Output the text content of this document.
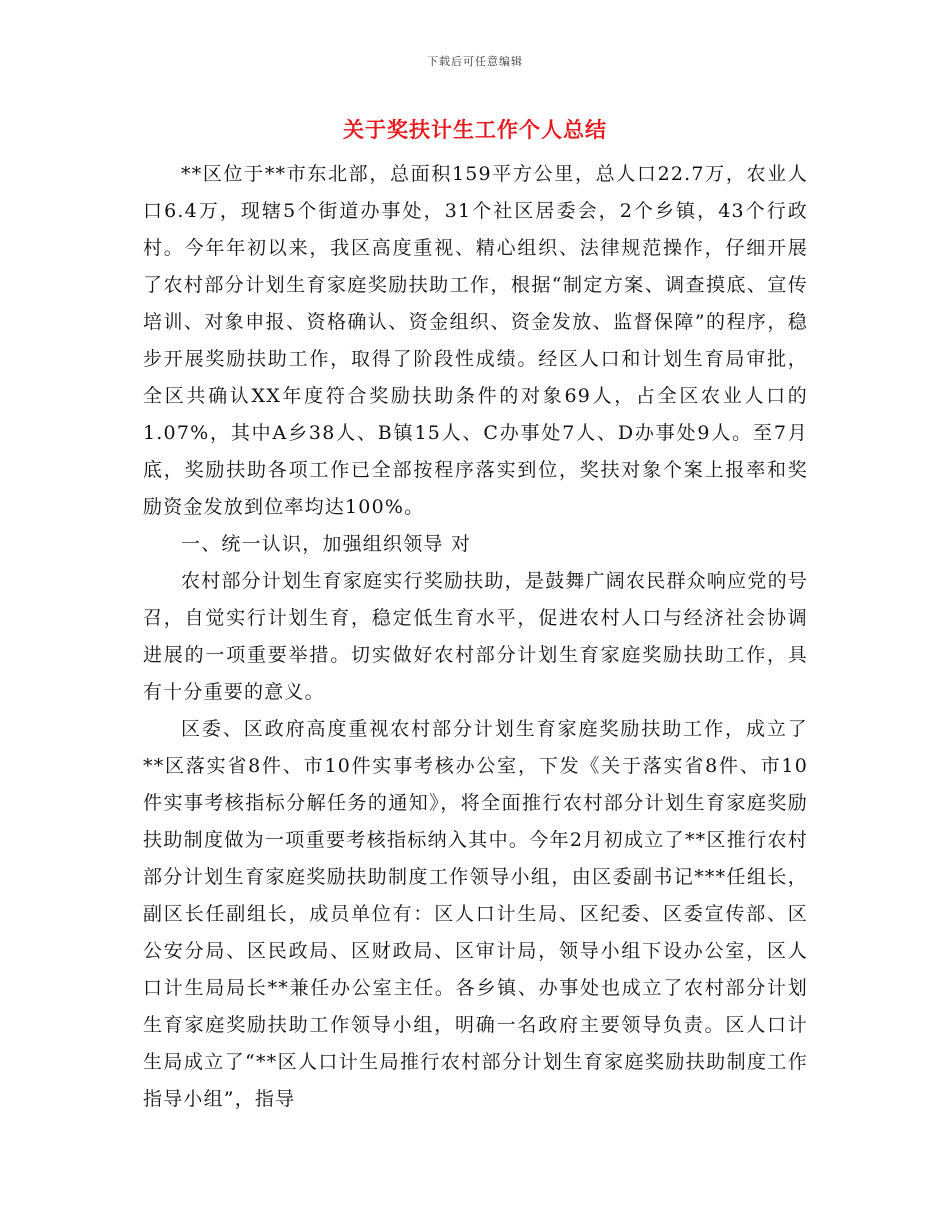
下载后可任意编辑
关于奖扶计生工作个人总结

**区位于**市东北部，总面积159平方公里，总人口22.7万，农业人口6.4万，现辖5个街道办事处，31个社区居委会，2个乡镇，43个行政村。今年年初以来，我区高度重视、精心组织、法律规范操作，仔细开展了农村部分计划生育家庭奖励扶助工作，根据“制定方案、调查摸底、宣传培训、对象申报、资格确认、资金组织、资金发放、监督保障”的程序，稳步开展奖励扶助工作，取得了阶段性成绩。经区人口和计划生育局审批，全区共确认XX年度符合奖励扶助条件的对象69人，占全区农业人口的1.07%，其中A乡38人、B镇15人、C办事处7人、D办事处9人。至7月底，奖励扶助各项工作已全部按程序落实到位，奖扶对象个案上报率和奖励资金发放到位率均达100%。

一、统一认识，加强组织领导 对

农村部分计划生育家庭实行奖励扶助，是鼓舞广阔农民群众响应党的号召，自觉实行计划生育，稳定低生育水平，促进农村人口与经济社会协调进展的一项重要举措。切实做好农村部分计划生育家庭奖励扶助工作，具有十分重要的意义。

区委、区政府高度重视农村部分计划生育家庭奖励扶助工作，成立了**区落实省8件、市10件实事考核办公室，下发《关于落实省8件、市10件实事考核指标分解任务的通知》，将全面推行农村部分计划生育家庭奖励扶助制度做为一项重要考核指标纳入其中。今年2月初成立了**区推行农村部分计划生育家庭奖励扶助制度工作领导小组，由区委副书记***任组长，副区长任副组长，成员单位有：区人口计生局、区纪委、区委宣传部、区公安分局、区民政局、区财政局、区审计局，领导小组下设办公室，区人口计生局局长**兼任办公室主任。各乡镇、办事处也成立了农村部分计划生育家庭奖励扶助工作领导小组，明确一名政府主要领导负责。区人口计生局成立了“**区人口计生局推行农村部分计划生育家庭奖励扶助制度工作指导小组”，指导
